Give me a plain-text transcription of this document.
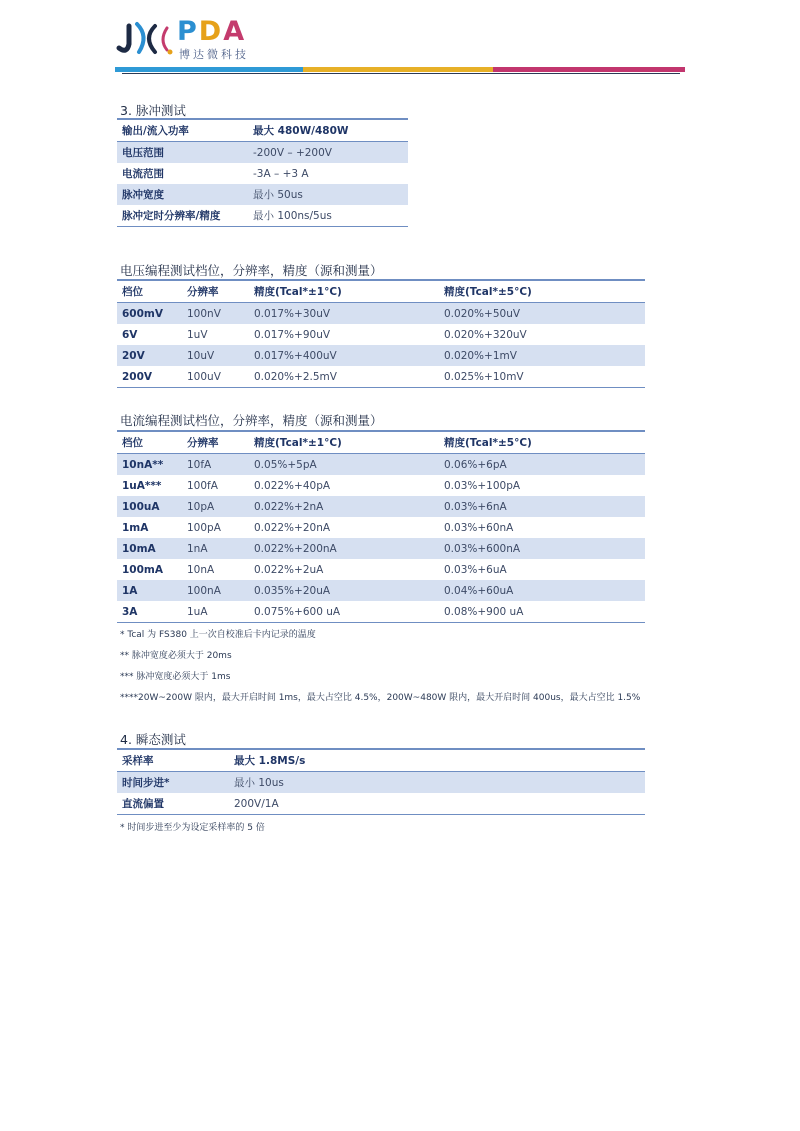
PDA
博达微科技
3. 脉冲测试
输出/流入功率	最大 480W/480W
电压范围	-200V – +200V
电流范围	-3A – +3 A
脉冲宽度	最小 50us
脉冲定时分辨率/精度	最小 100ns/5us
电压编程测试档位，分辨率，精度（源和测量）
档位	分辨率	精度(Tcal*±1°C)	精度(Tcal*±5°C)
600mV	100nV	0.017%+30uV	0.020%+50uV
6V	1uV	0.017%+90uV	0.020%+320uV
20V	10uV	0.017%+400uV	0.020%+1mV
200V	100uV	0.020%+2.5mV	0.025%+10mV
电流编程测试档位，分辨率，精度（源和测量）
档位	分辨率	精度(Tcal*±1°C)	精度(Tcal*±5°C)
10nA**	10fA	0.05%+5pA	0.06%+6pA
1uA***	100fA	0.022%+40pA	0.03%+100pA
100uA	10pA	0.022%+2nA	0.03%+6nA
1mA	100pA	0.022%+20nA	0.03%+60nA
10mA	1nA	0.022%+200nA	0.03%+600nA
100mA	10nA	0.022%+2uA	0.03%+6uA
1A	100nA	0.035%+20uA	0.04%+60uA
3A	1uA	0.075%+600 uA	0.08%+900 uA
* Tcal 为 FS380 上一次自校准后卡内记录的温度
** 脉冲宽度必须大于 20ms
*** 脉冲宽度必须大于 1ms
****20W~200W 限内，最大开启时间 1ms，最大占空比 4.5%，200W~480W 限内，最大开启时间 400us，最大占空比 1.5%
4. 瞬态测试
采样率	最大 1.8MS/s
时间步进*	最小 10us
直流偏置	200V/1A
* 时间步进至少为设定采样率的 5 倍
